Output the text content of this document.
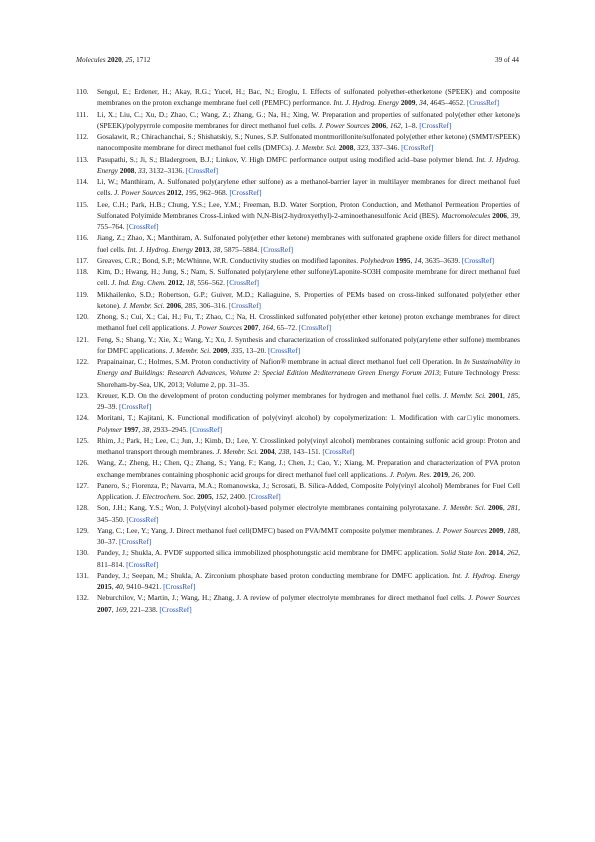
Molecules 2020, 25, 1712	39 of 44
110. Sengul, E.; Erdener, H.; Akay, R.G.; Yucel, H.; Bac, N.; Eroglu, I. Effects of sulfonated polyether-etherketone (SPEEK) and composite membranes on the proton exchange membrane fuel cell (PEMFC) performance. Int. J. Hydrog. Energy 2009, 34, 4645–4652. [CrossRef]
111. Li, X.; Liu, C.; Xu, D.; Zhao, C.; Wang, Z.; Zhang, G.; Na, H.; Xing, W. Preparation and properties of sulfonated poly(ether ether ketone)s (SPEEK)/polypyrrole composite membranes for direct methanol fuel cells. J. Power Sources 2006, 162, 1–8. [CrossRef]
112. Gosalawit, R.; Chirachanchai, S.; Shishatskiy, S.; Nunes, S.P. Sulfonated montmorillonite/sulfonated poly(ether ether ketone) (SMMT/SPEEK) nanocomposite membrane for direct methanol fuel cells (DMFCs). J. Membr. Sci. 2008, 323, 337–346. [CrossRef]
113. Pasupathi, S.; Ji, S.; Bladergroen, B.J.; Linkov, V. High DMFC performance output using modified acid–base polymer blend. Int. J. Hydrog. Energy 2008, 33, 3132–3136. [CrossRef]
114. Li, W.; Manthiram, A. Sulfonated poly(arylene ether sulfone) as a methanol-barrier layer in multilayer membranes for direct methanol fuel cells. J. Power Sources 2012, 195, 962–968. [CrossRef]
115. Lee, C.H.; Park, H.B.; Chung, Y.S.; Lee, Y.M.; Freeman, B.D. Water Sorption, Proton Conduction, and Methanol Permeation Properties of Sulfonated Polyimide Membranes Cross-Linked with N,N-Bis(2-hydroxyethyl)-2-aminoethanesulfonic Acid (BES). Macromolecules 2006, 39, 755–764. [CrossRef]
116. Jiang, Z.; Zhao, X.; Manthiram, A. Sulfonated poly(ether ether ketone) membranes with sulfonated graphene oxide fillers for direct methanol fuel cells. Int. J. Hydrog. Energy 2013, 38, 5875–5884. [CrossRef]
117. Greaves, C.R.; Bond, S.P.; McWhinne, W.R. Conductivity studies on modified laponites. Polyhedron 1995, 14, 3635–3639. [CrossRef]
118. Kim, D.; Hwang, H.; Jung, S.; Nam, S. Sulfonated poly(arylene ether sulfone)/Laponite-SO3H composite membrane for direct methanol fuel cell. J. Ind. Eng. Chem. 2012, 18, 556–562. [CrossRef]
119. Mikhailenko, S.D.; Robertson, G.P.; Guiver, M.D.; Kaliaguine, S. Properties of PEMs based on cross-linked sulfonated poly(ether ether ketone). J. Membr. Sci. 2006, 285, 306–316. [CrossRef]
120. Zhong, S.; Cui, X.; Cai, H.; Fu, T.; Zhao, C.; Na, H. Crosslinked sulfonated poly(ether ether ketone) proton exchange membranes for direct methanol fuel cell applications. J. Power Sources 2007, 164, 65–72. [CrossRef]
121. Feng, S.; Shang, Y.; Xie, X.; Wang, Y.; Xu, J. Synthesis and characterization of crosslinked sulfonated poly(arylene ether sulfone) membranes for DMFC applications. J. Membr. Sci. 2009, 335, 13–20. [CrossRef]
122. Prapainainar, C.; Holmes, S.M. Proton conductivity of Nafion® membrane in actual direct methanol fuel cell Operation. In In Sustainability in Energy and Buildings: Research Advances, Volume 2: Special Edition Mediterranean Green Energy Forum 2013; Future Technology Press: Shoreham-by-Sea, UK, 2013; Volume 2, pp. 31–35.
123. Kreuer, K.D. On the development of proton conducting polymer membranes for hydrogen and methanol fuel cells. J. Membr. Sci. 2001, 185, 29–39. [CrossRef]
124. Moritani, T.; Kajitani, K. Functional modification of poly(vinyl alcohol) by copolymerization: 1. Modification with car□ylic monomers. Polymer 1997, 38, 2933–2945. [CrossRef]
125. Rhim, J.; Park, H.; Lee, C.; Jun, J.; Kimb, D.; Lee, Y. Crosslinked poly(vinyl alcohol) membranes containing sulfonic acid group: Proton and methanol transport through membranes. J. Membr. Sci. 2004, 238, 143–151. [CrossRef]
126. Wang, Z.; Zheng, H.; Chen, Q.; Zhang, S.; Yang, F.; Kang, J.; Chen, J.; Cao, Y.; Xiang, M. Preparation and characterization of PVA proton exchange membranes containing phosphonic acid groups for direct methanol fuel cell applications. J. Polym. Res. 2019, 26, 200.
127. Panero, S.; Fiorenza, P.; Navarra, M.A.; Romanowska, J.; Scrosati, B. Silica-Added, Composite Poly(vinyl alcohol) Membranes for Fuel Cell Application. J. Electrochem. Soc. 2005, 152, 2400. [CrossRef]
128. Son, J.H.; Kang, Y.S.; Won, J. Poly(vinyl alcohol)-based polymer electrolyte membranes containing polyrotaxane. J. Membr. Sci. 2006, 281, 345–350. [CrossRef]
129. Yang, C.; Lee, Y.; Yang, J. Direct methanol fuel cell(DMFC) based on PVA/MMT composite polymer membranes. J. Power Sources 2009, 188, 30–37. [CrossRef]
130. Pandey, J.; Shukla, A. PVDF supported silica immobilized phosphotungstic acid membrane for DMFC application. Solid State Ion. 2014, 262, 811–814. [CrossRef]
131. Pandey, J.; Seepan, M.; Shukla, A. Zirconium phosphate based proton conducting membrane for DMFC application. Int. J. Hydrog. Energy 2015, 40, 9410–9421. [CrossRef]
132. Neburchilov, V.; Martin, J.; Wang, H.; Zhang, J. A review of polymer electrolyte membranes for direct methanol fuel cells. J. Power Sources 2007, 169, 221–238. [CrossRef]
